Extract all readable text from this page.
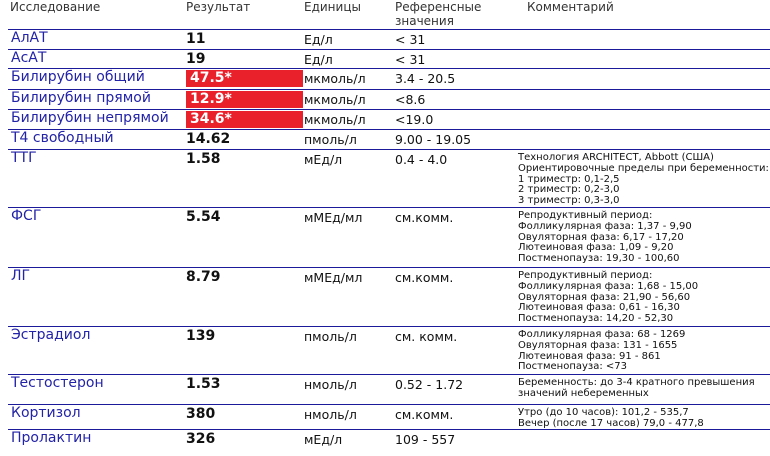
Исследование	Результат	Единицы	Референсные
значения
Комментарий
АлАТ	11	Ед/л	< 31
АсАТ	19	Ед/л	< 31
Билирубин общий	47.5*	мкмоль/л 3.4 - 20.5
Билирубин прямой	12.9*	мкмоль/л <8.6
Билирубин непрямой 34.6*	мкмоль/л <19.0
Т4 свободный	14.62	пмоль/л	9.00 - 19.05
ТТГ	1.58	мЕд/л	0.4 - 4.0	Технология ARCHITECT, Abbott (США)
Ориентировочные пределы при беременности:
1 триместр: 0,1-2,5
2 триместр: 0,2-3,0
3 триместр: 0,3-3,0
ФСГ	5.54	мМЕд/мл	см.комм.	Репродуктивный период:
Фолликулярная фаза: 1,37 - 9,90
Овуляторная фаза: 6,17 - 17,20
Лютеиновая фаза: 1,09 - 9,20
Постменопауза: 19,30 - 100,60
ЛГ	8.79	мМЕд/мл	см.комм.	Репродуктивный период:
Фолликулярная фаза: 1,68 - 15,00
Овуляторная фаза: 21,90 - 56,60
Лютеиновая фаза: 0,61 - 16,30
Постменопауза: 14,20 - 52,30
Эстрадиол	139	пмоль/л	см. комм.	Фолликулярная фаза: 68 - 1269
Овуляторная фаза: 131 - 1655
Лютеиновая фаза: 91 - 861
Постменопауза: <73
Тестостерон	1.53	нмоль/л	0.52 - 1.72	Беременность: до 3-4 кратного превышения
значений небеременных
Кортизол	380	нмоль/л	см.комм.	Утро (до 10 часов): 101,2 - 535,7
Вечер (после 17 часов) 79,0 - 477,8
Пролактин	326	мЕд/л	109 - 557
